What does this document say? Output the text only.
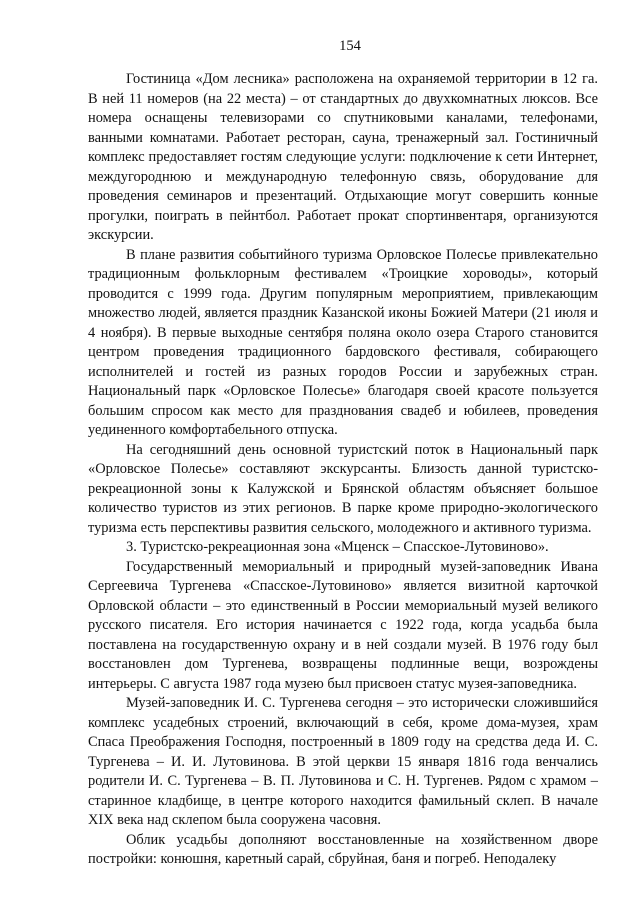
154

Гостиница «Дом лесника» расположена на охраняемой территории в 12 га. В ней 11 номеров (на 22 места) – от стандартных до двухкомнатных люксов. Все номера оснащены телевизорами со спутниковыми каналами, телефонами, ванными комнатами. Работает ресторан, сауна, тренажерный зал. Гостиничный комплекс предоставляет гостям следующие услуги: подключение к сети Интернет, междугороднюю и международную телефонную связь, оборудование для проведения семинаров и презентаций. Отдыхающие могут совершить конные прогулки, поиграть в пейнтбол. Работает прокат спортинвентаря, организуются экскурсии.

В плане развития событийного туризма Орловское Полесье привлекательно традиционным фольклорным фестивалем «Троицкие хороводы», который проводится с 1999 года. Другим популярным мероприятием, привлекающим множество людей, является праздник Казанской иконы Божией Матери (21 июля и 4 ноября). В первые выходные сентября поляна около озера Старого становится центром проведения традиционного бардовского фестиваля, собирающего исполнителей и гостей из разных городов России и зарубежных стран. Национальный парк «Орловское Полесье» благодаря своей красоте пользуется большим спросом как место для празднования свадеб и юбилеев, проведения уединенного комфортабельного отпуска.

На сегодняшний день основной туристский поток в Национальный парк «Орловское Полесье» составляют экскурсанты. Близость данной туристско-рекреационной зоны к Калужской и Брянской областям объясняет большое количество туристов из этих регионов. В парке кроме природно-экологического туризма есть перспективы развития сельского, молодежного и активного туризма.

3. Туристско-рекреационная зона «Мценск – Спасское-Лутовиново».

Государственный мемориальный и природный музей-заповедник Ивана Сергеевича Тургенева «Спасское-Лутовиново» является визитной карточкой Орловской области – это единственный в России мемориальный музей великого русского писателя. Его история начинается с 1922 года, когда усадьба была поставлена на государственную охрану и в ней создали музей. В 1976 году был восстановлен дом Тургенева, возвращены подлинные вещи, возрождены интерьеры. С августа 1987 года музею был присвоен статус музея-заповедника.

Музей-заповедник И. С. Тургенева сегодня – это исторически сложившийся комплекс усадебных строений, включающий в себя, кроме дома-музея, храм Спаса Преображения Господня, построенный в 1809 году на средства деда И. С. Тургенева – И. И. Лутовинова. В этой церкви 15 января 1816 года венчались родители И. С. Тургенева – В. П. Лутовинова и С. Н. Тургенев. Рядом с храмом – старинное кладбище, в центре которого находится фамильный склеп. В начале XIX века над склепом была сооружена часовня.

Облик усадьбы дополняют восстановленные на хозяйственном дворе постройки: конюшня, каретный сарай, сбруйная, баня и погреб. Неподалеку
